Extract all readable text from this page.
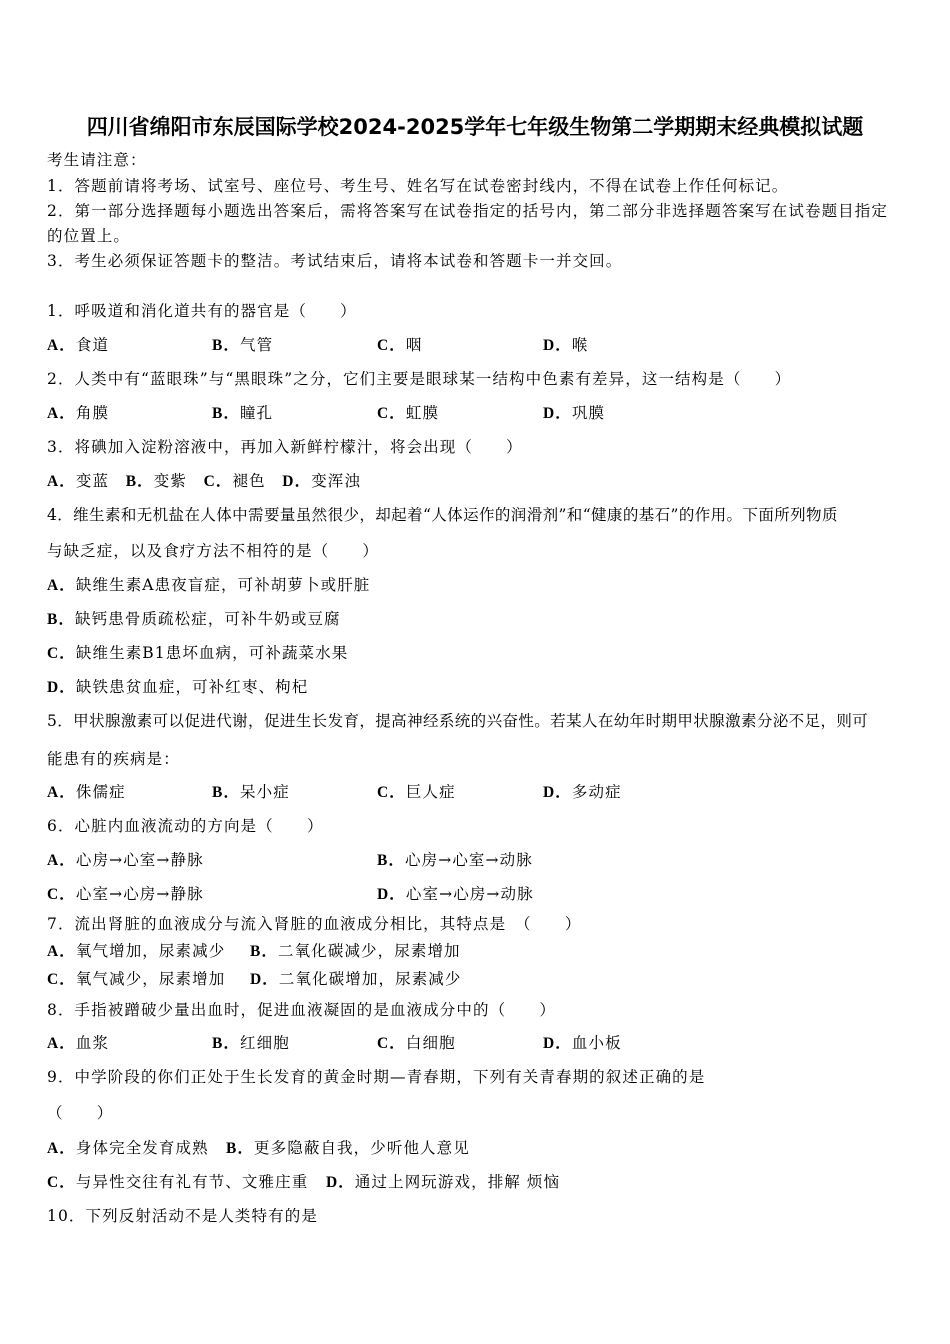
四川省绵阳市东辰国际学校2024-2025学年七年级生物第二学期期末经典模拟试题
考生请注意：
1．答题前请将考场、试室号、座位号、考生号、姓名写在试卷密封线内，不得在试卷上作任何标记。
2．第一部分选择题每小题选出答案后，需将答案写在试卷指定的括号内，第二部分非选择题答案写在试卷题目指定
的位置上。
3．考生必须保证答题卡的整洁。考试结束后，请将本试卷和答题卡一并交回。
1．呼吸道和消化道共有的器官是（　　）
A．食道	B．气管	C．咽	D．喉
2．人类中有“蓝眼珠”与“黑眼珠”之分，它们主要是眼球某一结构中色素有差异，这一结构是（　　）
A．角膜	B．瞳孔	C．虹膜	D．巩膜
3．将碘加入淀粉溶液中，再加入新鲜柠檬汁，将会出现（　　）
A．变蓝　B．变紫　C．褪色　D．变浑浊
4．维生素和无机盐在人体中需要量虽然很少，却起着“人体运作的润滑剂”和“健康的基石”的作用。下面所列物质
与缺乏症，以及食疗方法不相符的是（　　）
A．缺维生素A患夜盲症，可补胡萝卜或肝脏
B．缺钙患骨质疏松症，可补牛奶或豆腐
C．缺维生素B1患坏血病，可补蔬菜水果
D．缺铁患贫血症，可补红枣、枸杞
5．甲状腺激素可以促进代谢，促进生长发育，提高神经系统的兴奋性。若某人在幼年时期甲状腺激素分泌不足，则可
能患有的疾病是：
A．侏儒症	B．呆小症	C．巨人症	D．多动症
6．心脏内血液流动的方向是（　　）
A．心房→心室→静脉	B．心房→心室→动脉
C．心室→心房→静脉	D．心室→心房→动脉
7．流出肾脏的血液成分与流入肾脏的血液成分相比，其特点是　（　　）
A．氧气增加，尿素减少 B．二氧化碳减少，尿素增加
C．氧气减少，尿素增加 D．二氧化碳增加，尿素减少
8．手指被蹭破少量出血时，促进血液凝固的是血液成分中的（　　）
A．血浆	B．红细胞	C．白细胞	D．血小板
9．中学阶段的你们正处于生长发育的黄金时期—青春期，下列有关青春期的叙述正确的是
（　　）
A．身体完全发育成熟 B．更多隐蔽自我，少听他人意见
C．与异性交往有礼有节、文雅庄重 D．通过上网玩游戏，排解 烦恼
10．下列反射活动不是人类特有的是
